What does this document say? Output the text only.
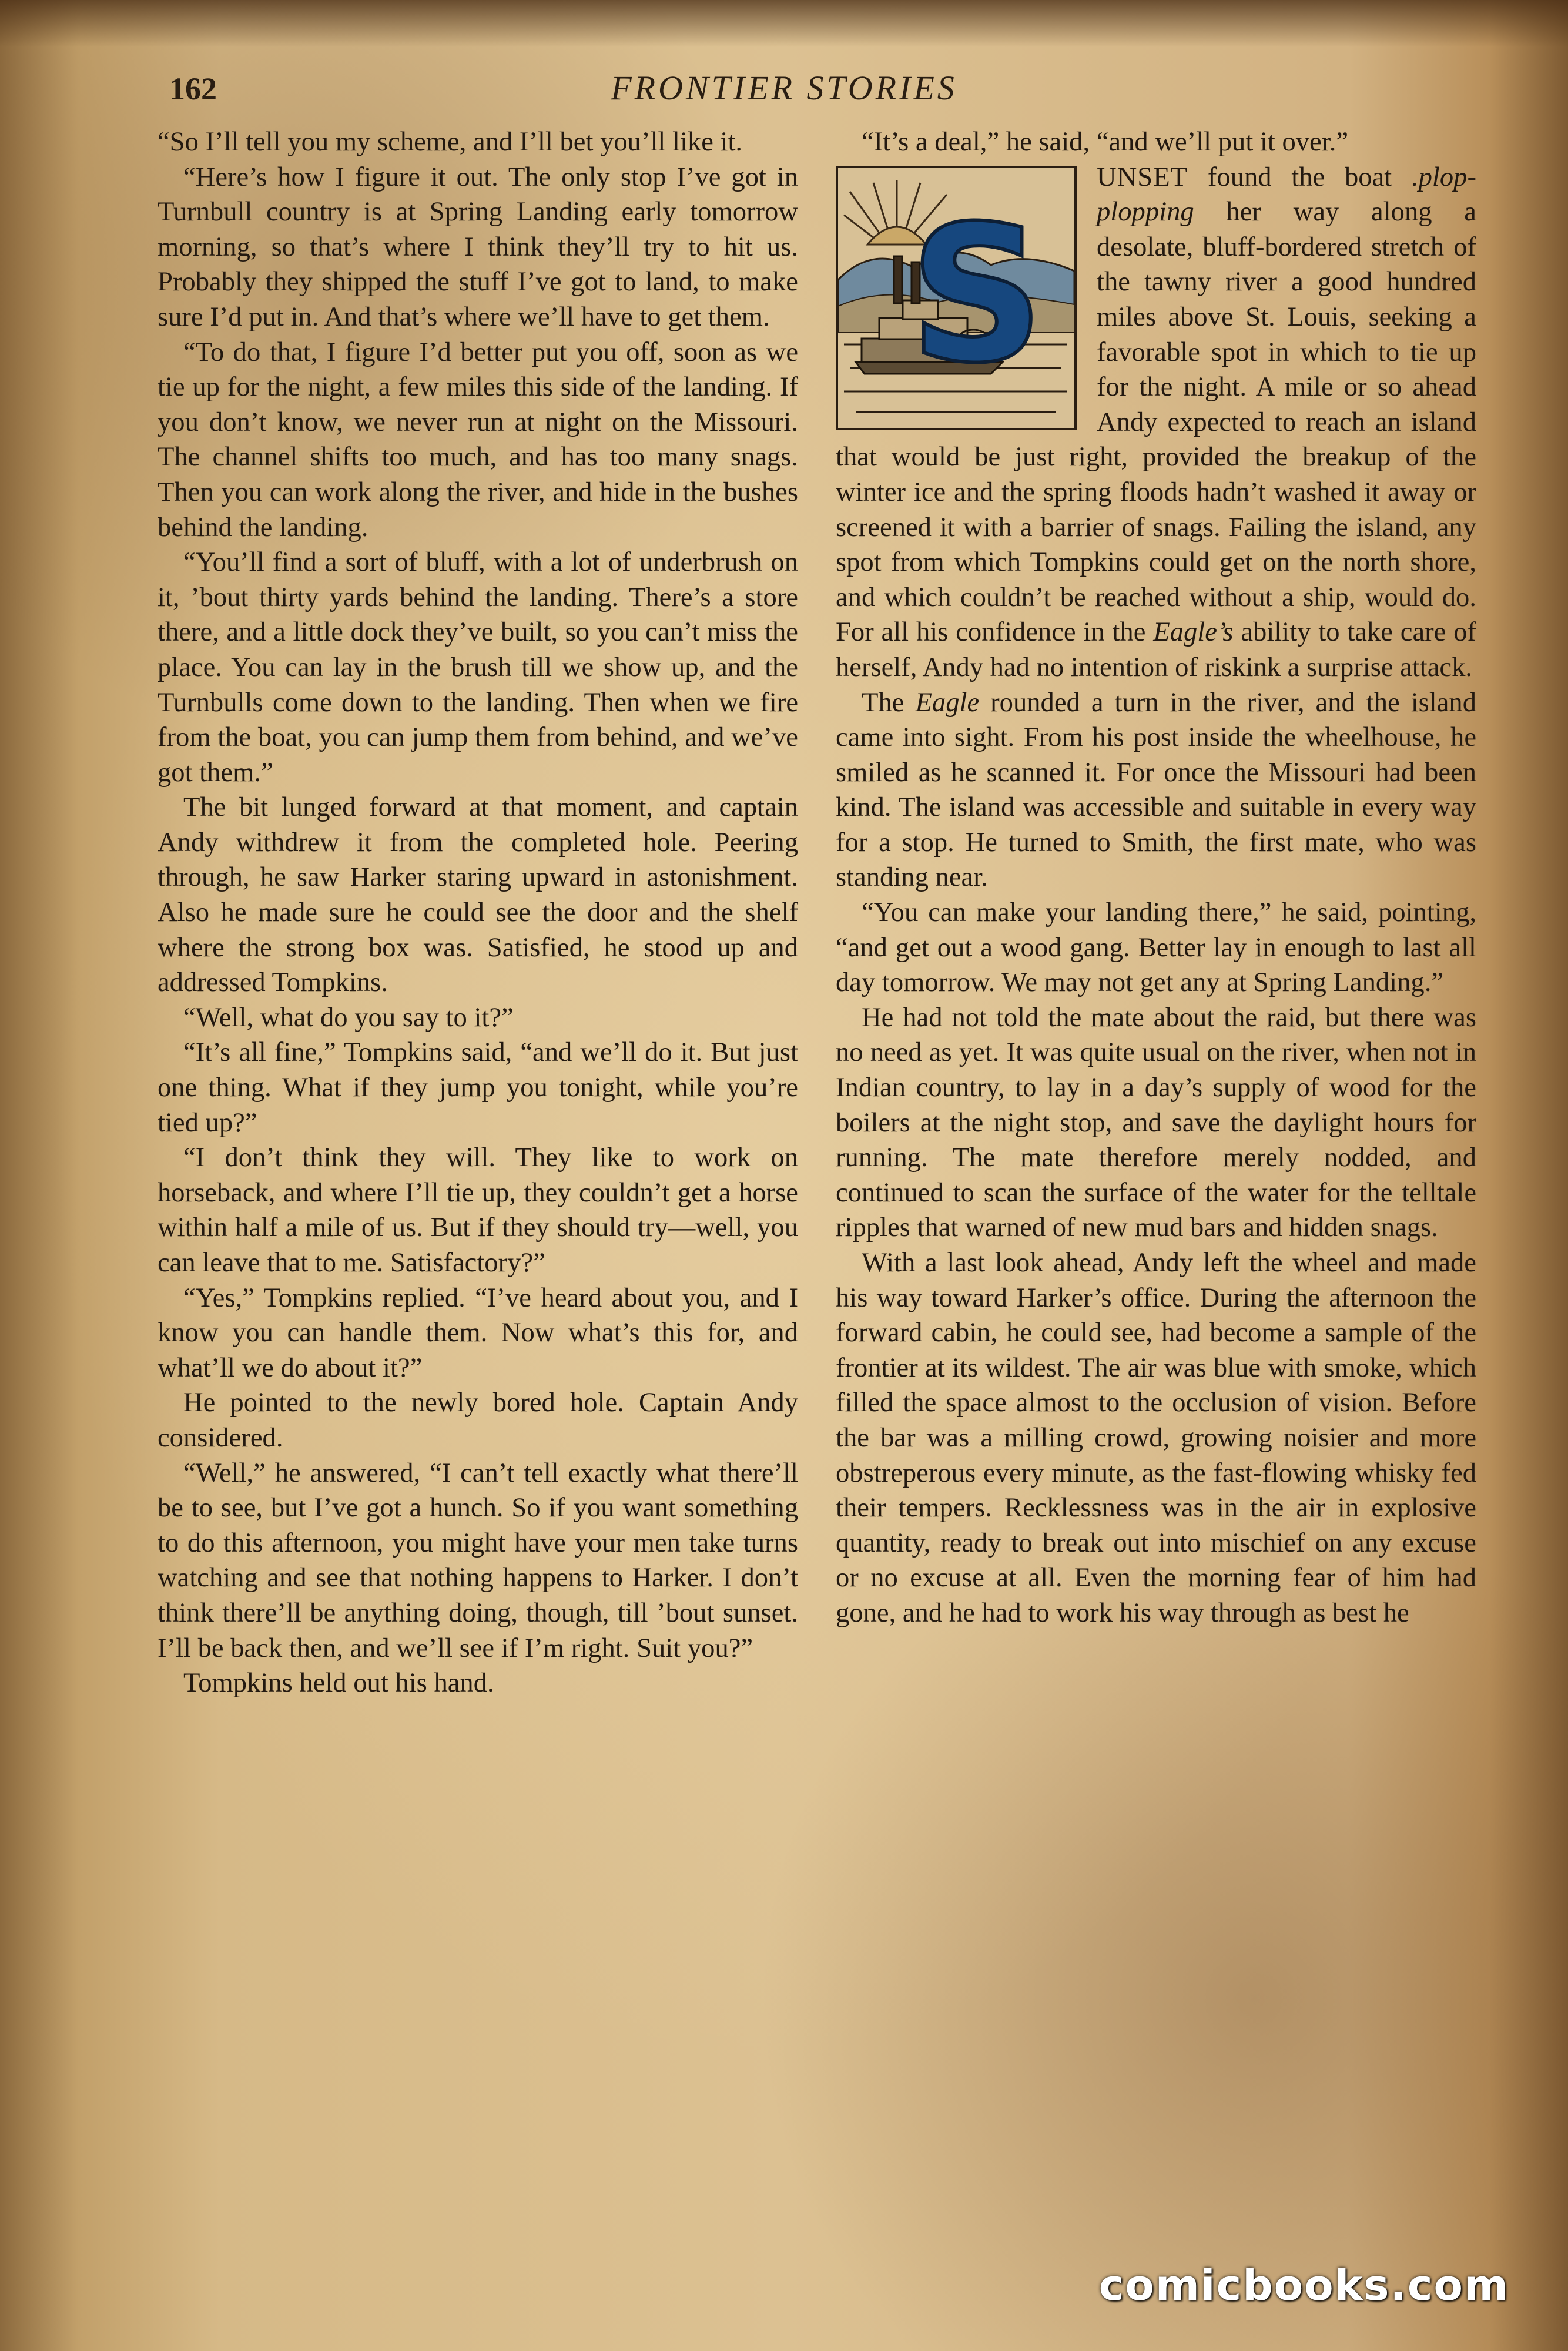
162	FRONTIER STORIES

“So I’ll tell you my scheme, and I’ll bet you’ll like it.

“Here’s how I figure it out. The only stop I’ve got in Turnbull country is at Spring Landing early tomorrow morning, so that’s where I think they’ll try to hit us. Probably they shipped the stuff I’ve got to land, to make sure I’d put in. And that’s where we’ll have to get them.

“To do that, I figure I’d better put you off, soon as we tie up for the night, a few miles this side of the landing. If you don’t know, we never run at night on the Missouri. The channel shifts too much, and has too many snags. Then you can work along the river, and hide in the bushes behind the landing.

“You’ll find a sort of bluff, with a lot of underbrush on it, ’bout thirty yards behind the landing. There’s a store there, and a little dock they’ve built, so you can’t miss the place. You can lay in the brush till we show up, and the Turnbulls come down to the landing. Then when we fire from the boat, you can jump them from behind, and we’ve got them.”

The bit lunged forward at that moment, and captain Andy withdrew it from the completed hole. Peering through, he saw Harker staring upward in astonishment. Also he made sure he could see the door and the shelf where the strong box was. Satisfied, he stood up and addressed Tompkins.

“Well, what do you say to it?”

“It’s all fine,” Tompkins said, “and we’ll do it. But just one thing. What if they jump you tonight, while you’re tied up?”

“I don’t think they will. They like to work on horseback, and where I’ll tie up, they couldn’t get a horse within half a mile of us. But if they should try—well, you can leave that to me. Satisfactory?”

“Yes,” Tompkins replied. “I’ve heard about you, and I know you can handle them. Now what’s this for, and what’ll we do about it?”

He pointed to the newly bored hole. Captain Andy considered.

“Well,” he answered, “I can’t tell exactly what there’ll be to see, but I’ve got a hunch. So if you want something to do this afternoon, you might have your men take turns watching and see that nothing happens to Harker. I don’t think there’ll be anything doing, though, till ’bout sunset. I’ll be back then, and we’ll see if I’m right. Suit you?”

Tompkins held out his hand.

“It’s a deal,” he said, “and we’ll put it over.”

S

UNSET found the boat .plop-plopping her way along a desolate, bluff-bordered stretch of the tawny river a good hundred miles above St. Louis, seeking a favorable spot in which to tie up for the night. A mile or so ahead Andy expected to reach an island that would be just right, provided the breakup of the winter ice and the spring floods hadn’t washed it away or screened it with a barrier of snags. Failing the island, any spot from which Tompkins could get on the north shore, and which couldn’t be reached without a ship, would do. For all his confidence in the Eagle’s ability to take care of herself, Andy had no intention of riskink a surprise attack.

The Eagle rounded a turn in the river, and the island came into sight. From his post inside the wheelhouse, he smiled as he scanned it. For once the Missouri had been kind. The island was accessible and suitable in every way for a stop. He turned to Smith, the first mate, who was standing near.

“You can make your landing there,” he said, pointing, “and get out a wood gang. Better lay in enough to last all day tomorrow. We may not get any at Spring Landing.”

He had not told the mate about the raid, but there was no need as yet. It was quite usual on the river, when not in Indian country, to lay in a day’s supply of wood for the boilers at the night stop, and save the daylight hours for running. The mate therefore merely nodded, and continued to scan the surface of the water for the telltale ripples that warned of new mud bars and hidden snags.

With a last look ahead, Andy left the wheel and made his way toward Harker’s office. During the afternoon the forward cabin, he could see, had become a sample of the frontier at its wildest. The air was blue with smoke, which filled the space almost to the occlusion of vision. Before the bar was a milling crowd, growing noisier and more obstreperous every minute, as the fast-flowing whisky fed their tempers. Recklessness was in the air in explosive quantity, ready to break out into mischief on any excuse or no excuse at all. Even the morning fear of him had gone, and he had to work his way through as best he

comicbooks.com
